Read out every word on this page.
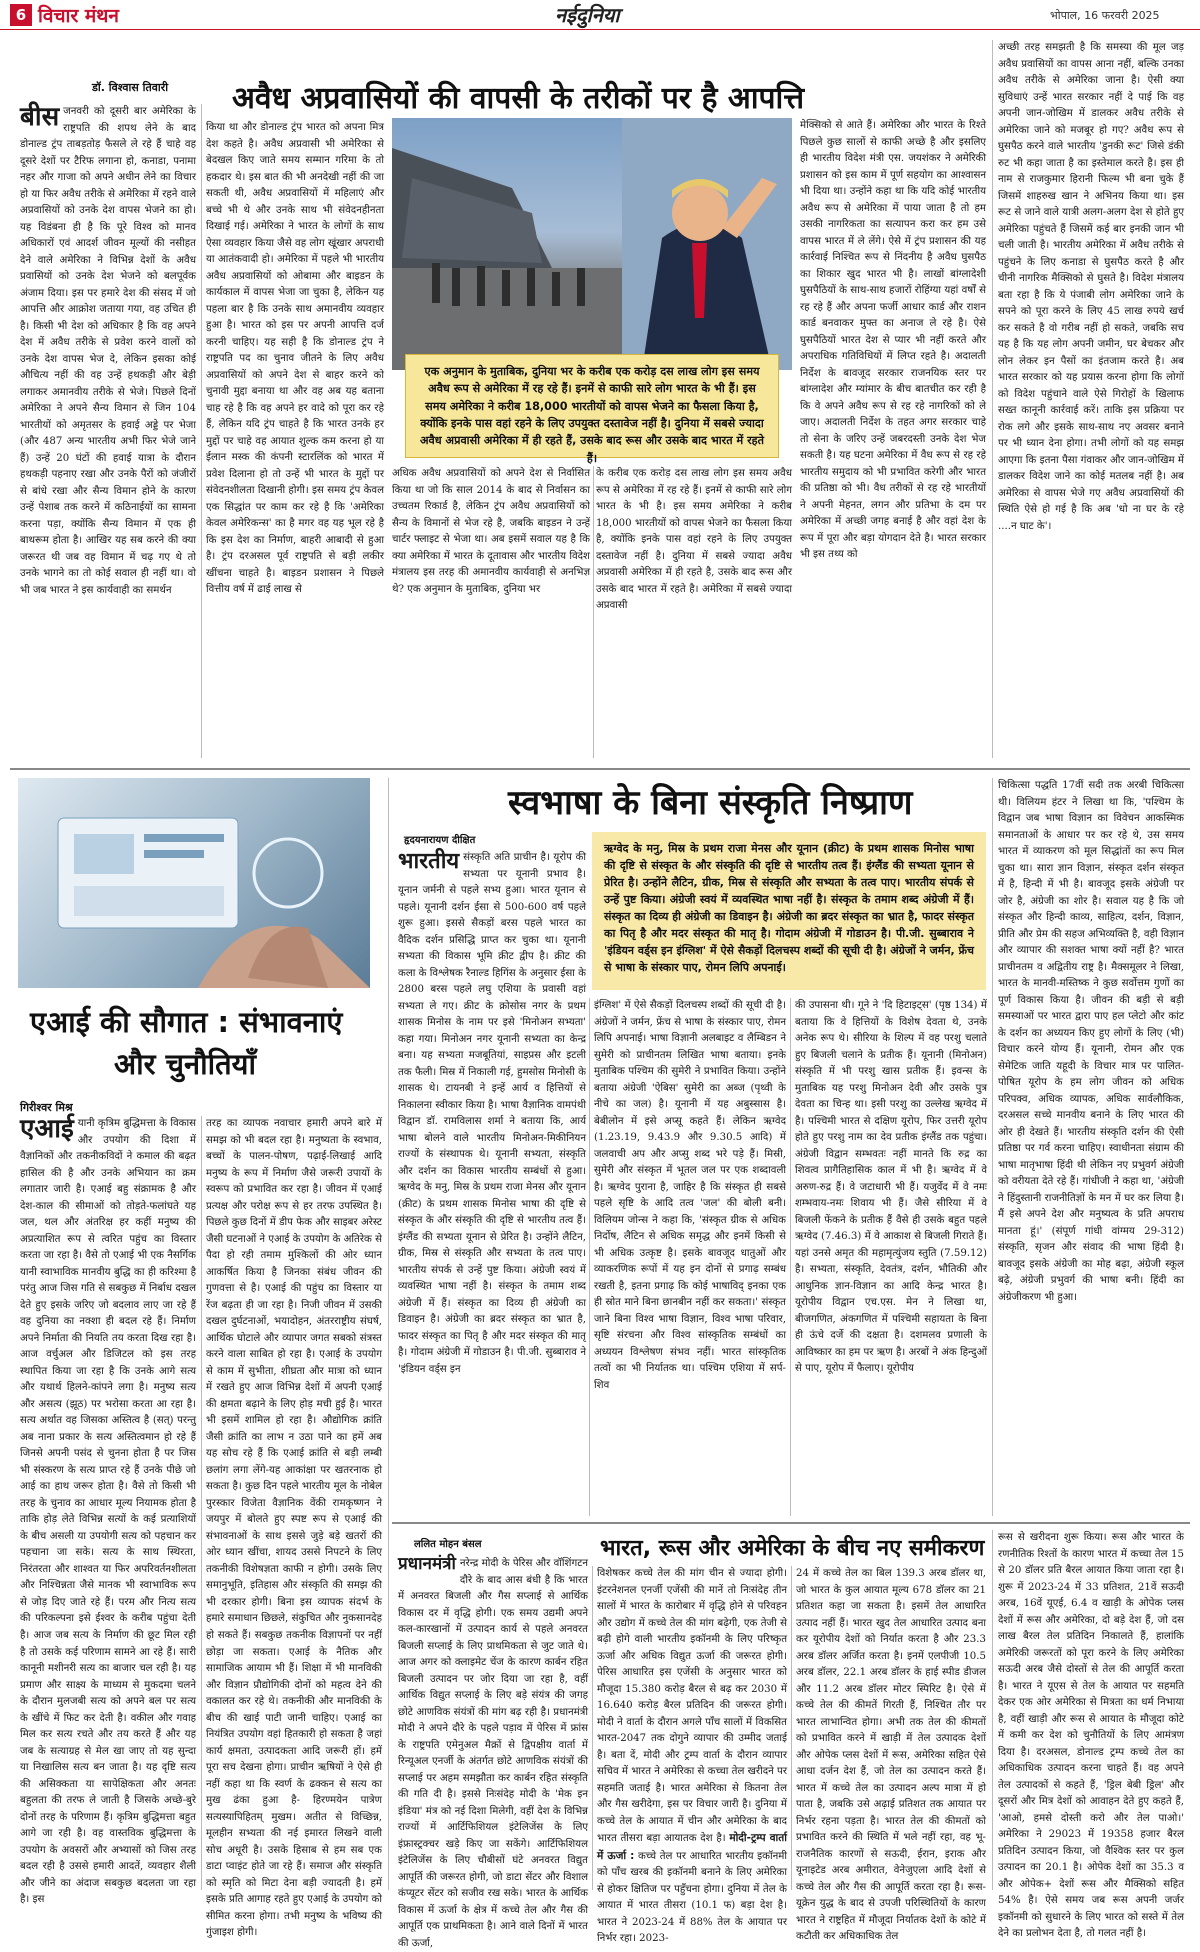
6 विचार मंथन	नईदुनिया	भोपाल, 16 फरवरी 2025
डॉ. विश्वास तिवारी अवैध अप्रवासियों की वापसी के तरीकों पर है आपत्ति
बीस जनवरी को दूसरी बार अमेरिका के राष्ट्रपति की शपथ लेने के बाद डोनाल्ड ट्रंप ताबड़तोड़ फैसले ले रहे हैं चाहे वह दूसरे देशों पर टैरिफ लगाना हो, कनाडा, पनामा नहर और गाजा को अपने अधीन लेने का विचार हो या फिर अवैध तरीके से अमेरिका में रहने वाले अप्रवासियों को उनके देश वापस भेजने का हो। यह विडंबना ही है कि पूरे विश्व को मानव अधिकारों एवं आदर्श जीवन मूल्यों की नसीहत देने वाले अमेरिका ने विभिन्न देशों के अवैध प्रवासियों को उनके देश भेजने को बलपूर्वक अंजाम दिया। इस पर हमारे देश की संसद में जो आपत्ति और आक्रोश जताया गया, वह उचित ही है। किसी भी देश को अधिकार है कि वह अपने देश में अवैध तरीके से प्रवेश करने वालों को उनके देश वापस भेज दे, लेकिन इसका कोई औचित्य नहीं की वह उन्हें हथकड़ी और बेड़ी लगाकर अमानवीय तरीके से भेजे। पिछले दिनों अमेरिका ने अपने सैन्य विमान से जिन 104 भारतीयों को अमृतसर के हवाई अड्डे पर भेजा (और 487 अन्य भारतीय अभी फिर भेजे जाने हैं) उन्हें 20 घंटों की हवाई यात्रा के दौरान हथकड़ी पहनाए रखा और उनके पैरों को जंजीरों से बांधे रखा और सैन्य विमान होने के कारण उन्हें पेशाब तक करने में कठिनाईयों का सामना करना पड़ा, क्योंकि सैन्य विमान में एक ही बाथरूम होता है। आखिर यह सब करने की क्या जरूरत थी जब वह विमान में चढ़ गए थे तो उनके भागने का तो कोई सवाल ही नहीं था। वो भी जब भारत ने इस कार्यवाही का समर्थन
किया था और डोनाल्ड ट्रंप भारत को अपना मित्र देश कहते है। अवैध अप्रवासी भी अमेरिका से बेदखल किए जाते समय सम्मान गरिमा के तो हकदार थे। इस बात की भी अनदेखी नहीं की जा सकती थी, अवैध अप्रवासियों में महिलाएं और बच्चे भी थे और उनके साथ भी संवेदनहीनता दिखाई गई। अमेरिका ने भारत के लोगों के साथ ऐसा व्यवहार किया जैसे वह लोग खूंखार अपराधी या आतंकवादी हो। अमेरिका में पहले भी भारतीय अवैध अप्रवासियों को ओबामा और बाइडन के कार्यकाल में वापस भेजा जा चुका है, लेकिन यह पहला बार है कि उनके साथ अमानवीय व्यवहार हुआ है। भारत को इस पर अपनी आपत्ति दर्ज करनी चाहिए। यह सही है कि डोनाल्ड ट्रंप ने राष्ट्रपति पद का चुनाव जीतने के लिए अवैध अप्रवासियों को अपने देश से बाहर करने को चुनावी मुद्दा बनाया था और वह अब यह बताना चाह रहे है कि वह अपने हर वादे को पूरा कर रहे हैं, लेकिन यदि ट्रंप चाहते है कि भारत उनके हर मुद्दों पर चाहे वह आयात शुल्क कम करना हो या ईलान मस्क की कंपनी स्टारलिंक को भारत में प्रवेश दिलाना हो तो उन्हें भी भारत के मुद्दों पर संवेदनशीलता दिखानी होगी। इस समय ट्रंप केवल एक सिद्धांत पर काम कर रहे है कि 'अमेरिका केवल अमेरिकन्स' का है मगर वह यह भूल रहे है कि इस देश का निर्माण, बाहरी आबादी से हुआ है। ट्रंप दरअसल पूर्व राष्ट्रपति से बड़ी लकीर खींचना चाहते है। बाइडन प्रशासन ने पिछले वित्तीय वर्ष में ढाई लाख से
एक अनुमान के मुताबिक, दुनिया भर के करीब एक करोड़ दस लाख लोग इस समय अवैध रूप से अमेरिका में रह रहे हैं। इनमें से काफी सारे लोग भारत के भी हैं। इस समय अमेरिका ने करीब 18,000 भारतीयों को वापस भेजने का फैसला किया है, क्योंकि इनके पास वहां रहने के लिए उपयुक्त दस्तावेज नहीं है। दुनिया में सबसे ज्यादा अवैध अप्रवासी अमेरिका में ही रहते हैं, उसके बाद रूस और उसके बाद भारत में रहते हैं।
अधिक अवैध अप्रवासियों को अपने देश से निर्वासित किया था जो कि साल 2014 के बाद से निर्वासन का उच्चतम रिकार्ड है, लेकिन ट्रंप अवैध अप्रवासियों को सैन्य के विमानों से भेज रहे है, जबकि बाइडन ने उन्हें चार्टर फ्लाइट से भेजा था। अब इसमें सवाल यह है कि क्या अमेरिका में भारत के दूतावास और भारतीय विदेश मंत्रालय इस तरह की अमानवीय कार्यवाही से अनभिज्ञ थे? एक अनुमान के मुताबिक, दुनिया भर
के करीब एक करोड़ दस लाख लोग इस समय अवैध रूप से अमेरिका में रह रहे हैं। इनमें से काफी सारे लोग भारत के भी है। इस समय अमेरिका ने करीब 18,000 भारतीयों को वापस भेजने का फैसला किया है, क्योंकि इनके पास वहां रहने के लिए उपयुक्त दस्तावेज नहीं है। दुनिया में सबसे ज्यादा अवैध अप्रवासी अमेरिका में ही रहते है, उसके बाद रूस और उसके बाद भारत में रहते है। अमेरिका में सबसे ज्यादा अप्रवासी
मेक्सिको से आते हैं। अमेरिका और भारत के रिश्ते पिछले कुछ सालों से काफी अच्छे है और इसलिए ही भारतीय विदेश मंत्री एस. जयशंकर ने अमेरिकी प्रशासन को इस काम में पूर्ण सहयोग का आश्वासन भी दिया था। उन्होंने कहा था कि यदि कोई भारतीय अवैध रूप से अमेरिका में पाया जाता है तो हम उसकी नागरिकता का सत्यापन करा कर हम उसे वापस भारत में ले लेंगे। ऐसे में ट्रंप प्रशासन की यह कार्रवाई निश्चित रूप से निंदनीय है अवैध घुसपैठ का शिकार खुद भारत भी है। लाखों बांग्लादेशी घुसपैठियों के साथ-साथ हजारों रोहिंग्या यहां वर्षों से रह रहे हैं और अपना फर्जी आधार कार्ड और राशन कार्ड बनवाकर मुफ्त का अनाज ले रहे है। ऐसे घुसपैठियों भारत देश से प्यार भी नहीं करते और अपराधिक गतिविधियों में लिप्त रहते है। अदालती निर्देश के बावजूद सरकार राजनयिक स्तर पर बांग्लादेश और म्यांमार के बीच बातचीत कर रही है कि वे अपने अवैध रूप से रह रहे नागरिकों को ले जाए। अदालती निर्देश के तहत अगर सरकार चाहे तो सेना के जरिए उन्हें जबरदस्ती उनके देश भेज सकती है। यह घटना अमेरिका में वैध रूप से रह रहे भारतीय समुदाय को भी प्रभावित करेगी और भारत की प्रतिष्ठा को भी। वैध तरीकों से रह रहे भारतीयों ने अपनी मेहनत, लगन और प्रतिभा के दम पर अमेरिका में अच्छी जगह बनाई है और वहां देश के रूप में पूरा और बड़ा योगदान देते है। भारत सरकार भी इस तथ्य को
अच्छी तरह समझती है कि समस्या की मूल जड़ अवैध प्रवासियों का वापस आना नहीं, बल्कि उनका अवैध तरीके से अमेरिका जाना है। ऐसी क्या सुविधाएं उन्हें भारत सरकार नहीं दे पाई कि वह अपनी जान-जोखिम में डालकर अवैध तरीके से अमेरिका जाने को मजबूर हो गए? अवैध रूप से घुसपैठ करने वाले भारतीय 'डुनकी रूट' जिसे डंकी रुट भी कहा जाता है का इस्तेमाल करते है। इस ही नाम से राजकुमार हिरानी फिल्म भी बना चुके हैं जिसमें शाहरुख खान ने अभिनय किया था। इस रूट से जाने वाले यात्री अलग-अलग देश से होते हुए अमेरिका पहुंचते हैं जिसमें कई बार इनकी जान भी चली जाती है। भारतीय अमेरिका में अवैध तरीके से पहुंचने के लिए कनाडा से घुसपैठ करते है और चीनी नागरिक मैक्सिको से घुसते है। विदेश मंत्रालय बता रहा है कि ये पंजाबी लोग अमेरिका जाने के सपने को पूरा करने के लिए 45 लाख रुपये खर्च कर सकते है वो गरीब नहीं हो सकते, जबकि सच यह है कि यह लोग अपनी जमीन, घर बेचकर और लोन लेकर इन पैसों का इंतजाम करते है। अब भारत सरकार को यह प्रयास करना होगा कि लोगों को विदेश पहुंचाने वाले ऐसे गिरोहों के खिलाफ सख्त कानूनी कार्रवाई करें। ताकि इस प्रक्रिया पर रोक लगे और इसके साथ-साथ नए अवसर बनाने पर भी ध्यान देना होगा। तभी लोगों को यह समझ आएगा कि इतना पैसा गंवाकर और जान-जोखिम में डालकर विदेश जाने का कोई मतलब नहीं है। अब अमेरिका से वापस भेजे गए अवैध अप्रवासियों की स्थिति ऐसे हो गई है कि अब 'धो ना घर के रहे ....न घाट के'।
एआई की सौगात : संभावनाएं
और चुनौतियाँ
गिरीश्वर मिश्र
एआई यानी कृत्रिम बुद्धिमत्ता के विकास और उपयोग की दिशा में वैज्ञानिकों और तकनीकविदों ने कमाल की बढ़त हासिल की है और उनके अभियान का क्रम लगातार जारी है। एआई बहु संक्रामक है और देश-काल की सीमाओं को तोड़ते-फलांघते यह जल, थल और अंतरिक्ष हर कहीं मनुष्य की अप्रत्याशित रूप से त्वरित पहुंच का विस्तार करता जा रहा है। वैसे तो एआई भी एक नैसर्गिक यानी स्वाभाविक मानवीय बुद्धि का ही करिश्मा है परंतु आज जिस गति से सबकुछ में निर्बाध दखल देते हुए इसके जरिए जो बदलाव लाए जा रहे हैं वह दुनिया का नक्शा ही बदल रहे हैं। निर्माण अपने निर्माता की नियति तय करता दिख रहा है। आज वर्चुअल और डिजिटल को इस तरह स्थापित किया जा रहा है कि उनके आगे सत्य और यथार्थ हिलने-कांपने लगा है। मनुष्य सत्य और असत्य (झूठ) पर भरोसा करता आ रहा है। सत्य अर्थात वह जिसका अस्तित्व है (सत्) परन्तु अब नाना प्रकार के सत्य अस्तित्वमान हो रहे हैं जिनसे अपनी पसंद से चुनना होता है पर जिस भी संस्करण के सत्य प्राप्त रहे हैं उनके पीछे जो आई का हाथ जरूर होता है। वैसे तो किसी भी तरह के चुनाव का आधार मूल्य नियामक होता है ताकि होड़ लेते विभिन्न सत्यों के कई प्रत्याशियों के बीच असली या उपयोगी सत्य को पहचान कर पहचाना जा सके। सत्य के साथ स्थिरता, निरंतरता और शाश्वत या फिर अपरिवर्तनशीलता और निश्चिन्नता जैसे मानक भी स्वाभाविक रूप से जोड़ दिए जाते रहे हैं। परम और नित्य सत्य की परिकल्पना इसे ईश्वर के करीब पहुंचा देती है। आज जब सत्य के निर्माण की छूट मिल रही है तो उसके कई परिणाम सामने आ रहे हैं। सारी कानूनी मशीनरी सत्य का बाजार चल रही है। यह प्रमाण और साक्ष्य के माध्यम से मुकदमा चलने के दौरान मुलजबी सत्य को अपने बल पर सत्य के खींचे में फिट कर देती है। वकील और गवाह मिल कर सत्य रचते और तय करते हैं और यह जब के सत्याग्रह से मेल खा जाए तो यह सुन्दा या निखालिस सत्य बन जाता है। यह दृष्टि सत्य की असिक्कता या सापेक्षिकता और अनतः बहुलता की तरफ ले जाती है जिसके अच्छे-बुरे दोनों तरह के परिणाम हैं। कृत्रिम बुद्धिमत्ता बहुत आगे जा रही है। वह वास्तविक बुद्धिमत्ता के उपयोग के अवसरों और अभ्यासों को जिस तरह बदल रही है उससे हमारी आदतें, व्यवहार शैली और जीने का अंदाज सबकुछ बदलता जा रहा है। इस
तरह का व्यापक नवाचार हमारी अपने बारे में समझ को भी बदल रहा है। मनुष्यता के स्वभाव, बच्चों के पालन-पोषण, पढ़ाई-लिखाई आदि मनुष्य के रूप में निर्माण जैसे जरूरी उपायों के स्वरूप को प्रभावित कर रहा है। जीवन में एआई प्रत्यक्ष और परोक्ष रूप से हर तरफ उपस्थित है। पिछले कुछ दिनों में डीप फेक और साइबर अरेस्ट जैसी घटनाओं ने एआई के उपयोग के अतिरेक से पैदा हो रही तमाम मुश्किलों की ओर ध्यान आकर्षित किया है जिनका संबंध जीवन की गुणवत्ता से है। एआई की पहुंच का विस्तार या रेंज बढ़ता ही जा रहा है। निजी जीवन में उसकी दखल दुर्घटनाओं, भयादोहन, अंतरराष्ट्रीय संघर्ष, आर्थिक घोटाले और व्यापार जगत सबको संत्रस्त करने वाला साबित हो रहा है। एआई के उपयोग से काम में सुभीता, शीघ्रता और मात्रा को ध्यान में रखते हुए आज विभिन्न देशों में अपनी एआई की क्षमता बढ़ाने के लिए होड़ मची हुई है। भारत भी इसमें शामिल हो रहा है। औद्योगिक क्रांति जैसी क्रांति का लाभ न उठा पाने का हमें अब यह सोच रहे हैं कि एआई क्रांति से बड़ी लम्बी छलांग लगा लेंगे-यह आकांक्षा पर खतरनाक हो सकता है। कुछ दिन पहले भारतीय मूल के नोबेल पुरस्कार विजेता वैज्ञानिक वेंकी रामकृष्णन ने जयपुर में बोलते हुए स्पष्ट रूप से एआई की संभावनाओं के साथ इससे जुड़े बड़े खतरों की ओर ध्यान खींचा, शायद उससे निपटने के लिए तकनीकी विशेषज्ञता काफी न होगी। उसके लिए समानुभूति, इतिहास और संस्कृति की समझ की भी दरकार होगी। बिना इस व्यापक संदर्भ के हमारे समाधान छिछले, संकुचित और नुकसानदेह हो सकते हैं। सबकुछ तकनीक विज्ञापनों पर नहीं छोड़ा जा सकता। एआई के नैतिक और सामाजिक आयाम भी हैं। शिक्षा में भी मानविकी और विज्ञान प्रौद्योगिकी दोनों को महत्व देने की वकालत कर रहे थे। तकनीकी और मानविकी के बीच की खाई पाटी जानी चाहिए। एआई का नियंत्रित उपयोग वहां हितकारी हो सकता है जहां कार्य क्षमता, उत्पादकता आदि जरूरी हों। हमें पूरा सच देखना होगा। प्राचीन ऋषियों ने ऐसे ही नहीं कहा था कि स्वर्ण के ढक्कन से सत्य का मुख ढंका हुआ है- हिरण्मयेन पात्रेण सत्यस्यापिहितम् मुखम। अतीत से विच्छिन्न, मूलहीन सभ्यता की नई इमारत लिखने वाली सोच अधूरी है। उसके हिसाब से हम सब एक डाटा प्वाइंट होते जा रहे हैं। समाज और संस्कृति को स्मृति को मिटा देना बड़ी ज्यादती है। हमें इसके प्रति आगाह रहते हुए एआई के उपयोग को सीमित करना होगा। तभी मनुष्य के भविष्य की गुंजाइश होगी।
स्वभाषा के बिना संस्कृति निष्प्राण
हृदयनारायण दीक्षित
ऋग्वेद के मनु, मिस्र के प्रथम राजा मेनस और यूनान (क्रीट) के प्रथम शासक मिनोस भाषा की दृष्टि से संस्कृत के और संस्कृति की दृष्टि से भारतीय तत्व हैं। इंग्लैंड की सभ्यता यूनान से प्रेरित है। उन्होंने लैटिन, ग्रीक, मिस्र से संस्कृति और सभ्यता के तत्व पाए। भारतीय संपर्क से उन्हें पुष्ट किया। अंग्रेजी स्वयं में व्यवस्थित भाषा नहीं है। संस्कृत के तमाम शब्द अंग्रेजी में हैं। संस्कृत का दिव्य ही अंग्रेजी का डिवाइन है। अंग्रेजी का ब्रदर संस्कृत का भ्रात है, फादर संस्कृत का पितृ है और मदर संस्कृत की मातृ है। गोदाम अंग्रेजी में गोडाउन है। पी.जी. सुब्बाराव ने 'इंडियन वर्ड्स इन इंग्लिश' में ऐसे सैकड़ों दिलचस्प शब्दों की सूची दी है। अंग्रेजों ने जर्मन, फ्रेंच से भाषा के संस्कार पाए, रोमन लिपि अपनाई।
भारतीय संस्कृति अति प्राचीन है। यूरोप की सभ्यता पर यूनानी प्रभाव है। यूनान जर्मनी से पहले सभ्य हुआ। भारत यूनान से पहले। यूनानी दर्शन ईसा से 500-600 वर्ष पहले शुरू हुआ। इससे सैकड़ों बरस पहले भारत का वैदिक दर्शन प्रसिद्धि प्राप्त कर चुका था। यूनानी सभ्यता की विकास भूमि क्रीट द्वीप है। क्रीट की कला के विश्लेषक रैनाल्ड हिगिंस के अनुसार ईसा के 2800 बरस पहले लघु एशिया के प्रवासी वहां सभ्यता ले गए। क्रीट के क्रोसोस नगर के प्रथम शासक मिनोस के नाम पर इसे 'मिनोअन सभ्यता' कहा गया। मिनोअन नगर यूनानी सभ्यता का केन्द्र बना। यह सभ्यता मजबूतियां, साइप्रस और इटली तक फैली। मिस्र में निकाली गई, हुमसोस मिनोसी के शासक थे। टायनबी ने इन्हें आर्य व हित्तियों से निकालना स्वीकार किया है। भाषा वैज्ञानिक वामपंथी विद्वान डॉ. रामविलास शर्मा ने बताया कि, आर्य भाषा बोलने वाले भारतीय मिनोअन-मिकीनियन राज्यों के संस्थापक थे। यूनानी सभ्यता, संस्कृति और दर्शन का विकास भारतीय सम्बंधों से हुआ। ऋग्वेद के मनु, मिस्र के प्रथम राजा मेनस और यूनान (क्रीट) के प्रथम शासक मिनोस भाषा की दृष्टि से संस्कृत के और संस्कृति की दृष्टि से भारतीय तत्व हैं। इंग्लैंड की सभ्यता यूनान से प्रेरित है। उन्होंने लैटिन, ग्रीक, मिस्र से संस्कृति और सभ्यता के तत्व पाए। भारतीय संपर्क से उन्हें पुष्ट किया। अंग्रेजी स्वयं में व्यवस्थित भाषा नहीं है। संस्कृत के तमाम शब्द अंग्रेजी में हैं। संस्कृत का दिव्य ही अंग्रेजी का डिवाइन है। अंग्रेजी का ब्रदर संस्कृत का भ्रात है, फादर संस्कृत का पितृ है और मदर संस्कृत की मातृ है। गोदाम अंग्रेजी में गोडाउन है। पी.जी. सुब्बाराव ने 'इंडियन वर्ड्स इन
इंग्लिश' में ऐसे सैकड़ों दिलचस्प शब्दों की सूची दी है। अंग्रेजों ने जर्मन, फ्रेंच से भाषा के संस्कार पाए, रोमन लिपि अपनाई। भाषा विज्ञानी अलबाइट व लैम्बिडन ने सुमेरी को प्राचीनतम लिखित भाषा बताया। इनके मुताबिक पश्चिम की सुमेरी ने प्रभावित किया। उन्होंने बताया अंग्रेजी 'ऐबिस' सुमेरी का अब्ज (पृथ्वी के नीचे का जल) है। यूनानी में यह अबुस्सास है। बेबीलोन में इसे अप्सू कहते हैं। लेकिन ऋग्वेद (1.23.19, 9.43.9 और 9.30.5 आदि) में जलवाची अप और अप्सु शब्द भरे पड़े हैं। मिस्री, सुमेरी और संस्कृत में भूतल जल पर एक शब्दावली है। ऋग्वेद पुराना है, जाहिर है कि संस्कृत ही सबसे पहले सृष्टि के आदि तत्व 'जल' की बोली बनी। विलियम जोन्स ने कहा कि, 'संस्कृत ग्रीक से अधिक निर्दोष, लैटिन से अधिक समृद्ध और इनमें किसी से भी अधिक उत्कृष्ट है। इसके बावजूद धातुओं और व्याकरणिक रूपों में यह इन दोनों से प्रगाढ़ सम्बंध रखती है, इतना प्रगाढ़ कि कोई भाषाविद् इनका एक ही स्रोत माने बिना छानबीन नहीं कर सकता।' संस्कृत जाने बिना विश्व भाषा विज्ञान, विश्व भाषा परिवार, सृष्टि संरचना और विश्व सांस्कृतिक सम्बंधों का अध्ययन विश्लेषण संभव नहीं। भारत सांस्कृतिक तत्वों का भी निर्यातक था। पश्चिम एशिया में सर्प-शिव
की उपासना थी। गूने ने 'दि हिटाइट्स' (पृष्ठ 134) में बताया कि वे हित्तियों के विशेष देवता थे, उनके अनेक रूप थे। सीरिया के शिल्प में वह परशु चलाते हुए बिजली चलाने के प्रतीक हैं। यूनानी (मिनोअन) संस्कृति में भी परशु खास प्रतीक हैं। इवन्स के मुताबिक यह परशु मिनोअन देवी और उसके पुत्र देवता का चिन्ह था। इसी परशु का उल्लेख ऋग्वेद में है। पश्चिमी भारत से दक्षिण यूरोप, फिर उत्तरी यूरोप होते हुए परशु नाम का देव प्रतीक इंग्लैंड तक पहुंचा। अंग्रेजी विद्वान सम्भवतः नहीं मानते कि रुद्र का शिवत्व प्रागैतिहासिक काल में भी है। ऋग्वेद में वे अरुण-रुद्र हैं। वे जटाधारी भी हैं। यजुर्वेद में वे नमः शम्भवाय-नमः शिवाय भी हैं। जैसे सीरिया में वे बिजली फेंकने के प्रतीक हैं वैसे ही उसके बहुत पहले ऋग्वेद (7.46.3) में वे आकाश से बिजली गिराते हैं। यहां उनसे अमृत की महामृत्युंजय स्तुति (7.59.12) है। सभ्यता, संस्कृति, देवतंत्र, दर्शन, भौतिकी और आधुनिक ज्ञान-विज्ञान का आदि केन्द्र भारत है। यूरोपीय विद्वान एच.एस. मेन ने लिखा था, बीजगणित, अंकगणित में पश्चिमी सहायता के बिना ही ऊंचे दर्जे की दक्षता है। दशमलव प्रणाली के आविष्कार का हम पर ऋण है। अरबों ने अंक हिन्दुओं से पाए, यूरोप में फैलाए। यूरोपीय
चिकित्सा पद्धति 17वीं सदी तक अरबी चिकित्सा थी। विलियम हंटर ने लिखा था कि, 'पश्चिम के विद्वान जब भाषा विज्ञान का विवेचन आकस्मिक समानताओं के आधार पर कर रहे थे, उस समय भारत में व्याकरण को मूल सिद्धांतों का रूप मिल चुका था। सारा ज्ञान विज्ञान, संस्कृत दर्शन संस्कृत में है, हिन्दी में भी है। बावजूद इसके अंग्रेजी पर जोर है, अंग्रेजी का शोर है। सवाल यह है कि जो संस्कृत और हिन्दी काव्य, साहित्य, दर्शन, विज्ञान, प्रीति और प्रेम की सहज अभिव्यक्ति है, वही विज्ञान और व्यापार की सशक्त भाषा क्यों नहीं है? भारत प्राचीनतम व अद्वितीय राष्ट्र है। मैक्समूलर ने लिखा, भारत के मानवी-मस्तिष्क ने कुछ सर्वोत्तम गुणों का पूर्ण विकास किया है। जीवन की बड़ी से बड़ी समस्याओं पर भारत द्वारा पाए हल प्लेटो और कांट के दर्शन का अध्ययन किए हुए लोगों के लिए (भी) विचार करने योग्य हैं। यूनानी, रोमन और एक सेमेटिक जाति यहूदी के विचार मात्र पर पालित-पोषित यूरोप के हम लोग जीवन को अधिक परिपक्व, अधिक व्यापक, अधिक सार्वलौकिक, दरअसल सच्चे मानवीय बनाने के लिए भारत की ओर ही देखते हैं। भारतीय संस्कृति दर्शन की ऐसी प्रतिष्ठा पर गर्व करना चाहिए। स्वाधीनता संग्राम की भाषा मातृभाषा हिंदी थी लेकिन नए प्रभुवर्ग अंग्रेजी को वरीयता देते रहे हैं। गांधीजी ने कहा था, 'अंग्रेजी ने हिंदुस्तानी राजनीतिज्ञों के मन में घर कर लिया है। मैं इसे अपने देश और मनुष्यत्व के प्रति अपराध मानता हूं।' (संपूर्ण गांधी वांग्मय 29-312) संस्कृति, सृजन और संवाद की भाषा हिंदी है। बावजूद इसके अंग्रेजी का मोह बढ़ा, अंग्रेजी स्कूल बढ़े, अंग्रेजी प्रभुवर्ग की भाषा बनी। हिंदी का अंग्रेजीकरण भी हुआ।
ललित मोहन बंसल	भारत, रूस और अमेरिका के बीच नए समीकरण
प्रधानमंत्री नरेन्द्र मोदी के पेरिस और वॉशिंगटन दौरे के बाद आस बंधी है कि भारत में अनवरत बिजली और गैस सप्लाई से आर्थिक विकास दर में वृद्धि होगी। एक समय उद्यमी अपने कल-कारखानों में उत्पादन कार्य से पहले अनवरत बिजली सप्लाई के लिए प्राथमिकता से जुट जाते थे। आज अगर को क्लाइमेट चेंज के कारण कार्बन रहित बिजली उत्पादन पर जोर दिया जा रहा है, वहीं आर्थिक विद्युत सप्लाई के लिए बड़े संयंत्र की जगह छोटे आणविक संयंत्रों की मांग बढ़ रही है। प्रधानमंत्री मोदी ने अपने दौरे के पहले पड़ाव में पेरिस में फ्रांस के राष्ट्रपति एमेनुअल मैक्रों से द्विपक्षीय वार्ता में रिन्यूअल एनर्जी के अंतर्गत छोटे आणविक संयंत्रों की सप्लाई पर अहम समझौता कर कार्बन रहित संस्कृति की गति दी है। इससे निःसंदेह मोदी के 'मेक इन इंडिया' मंत्र को नई दिशा मिलेगी, वहीं देश के विभिन्न राज्यों में आर्टिफिशियल इंटेलिजेंस के लिए इंफ्रास्ट्रक्चर खड़े किए जा सकेंगे। आर्टिफिशियल इंटेलिजेंस के लिए चौबीसों घंटे अनवरत विद्युत आपूर्ति की जरूरत होगी, जो डाटा सेंटर और विशाल कंप्यूटर सेंटर को सजीव रख सके। भारत के आर्थिक विकास में ऊर्जा के क्षेत्र में कच्चे तेल और गैस की आपूर्ति एक प्राथमिकता है। आने वाले दिनों में भारत की ऊर्जा,
विशेषकर कच्चे तेल की मांग चीन से ज्यादा होगी। इंटरनेशनल एनर्जी एजेंसी की मानें तो निःसंदेह तीन सालों में भारत के कारोबार में वृद्धि होने से परिवहन और उद्योग में कच्चे तेल की मांग बढ़ेगी, एक तेजी से बढ़ी होगे वाली भारतीय इकॉनमी के लिए परिष्कृत ऊर्जा और अधिक विद्युत ऊर्जा की जरूरत होगी। पेरिस आधारित इस एजेंसी के अनुसार भारत को मौजूदा 15.380 करोड़ बैरल से बढ़ कर 2030 में 16.640 करोड़ बैरल प्रतिदिन की जरूरत होगी। मोदी ने वार्ता के दौरान अगले पाँच सालों में विकसित भारत-2047 तक दोगुने व्यापार की उम्मीद जताई है। बता दें, मोदी और ट्रम्प वार्ता के दौरान व्यापार सचिव में भारत ने अमेरिका से कच्चा तेल खरीदने पर सहमति जताई है। भारत अमेरिका से कितना तेल और गैस खरीदेगा, इस पर विचार जारी है। दुनिया में कच्चे तेल के आयात में चीन और अमेरिका के बाद भारत तीसरा बड़ा आयातक देश है। मोदी-ट्रम्प वार्ता में ऊर्जा : कच्चे तेल पर आधारित भारतीय इकॉनमी को पाँच खरब की इकॉनमी बनाने के लिए अमेरिका से होकर क्षितिज पर पहुँचना होगा। दुनिया में तेल के आयात में भारत तीसरा (10.1 फ) बड़ा देश है। भारत ने 2023-24 में 88% तेल के आयात पर निर्भर रहा। 2023-
24 में कच्चे तेल का बिल 139.3 अरब डॉलर था, जो भारत के कुल आयात मूल्य 678 डॉलर का 21 प्रतिशत कहा जा सकता है। इसमें तेल आधारित उत्पाद नहीं हैं। भारत खुद तेल आधारित उत्पाद बना कर यूरोपीय देशों को निर्यात करता है और 23.3 अरब डॉलर अर्जित करता है। इनमें एलपीजी 10.5 अरब डॉलर, 22.1 अरब डॉलर के हाई स्पीड डीजल और 11.2 अरब डॉलर मोटर स्पिरिट है। ऐसे में कच्चे तेल की कीमतें गिरती हैं, निश्चित तौर पर भारत लाभान्वित होगा। अभी तक तेल की कीमतों को प्रभावित करने में खाड़ी में तेल उत्पादक देशों और ओपेक प्लस देशों में रूस, अमेरिका सहित ऐसे आधा दर्जन देश हैं, जो तेल का उत्पादन करते हैं। भारत में कच्चे तेल का उत्पादन अल्प मात्रा में हो पाता है, जबकि उसे अढ़ाई प्रतिशत तक आयात पर निर्भर रहना पड़ता है। भारत तेल की कीमतों को प्रभावित करने की स्थिति में भले नहीं रहा, वह भू-राजनैतिक कारणों से सऊदी, ईरान, इराक और यूनाइटेड अरब अमीरात, वेनेजुएला आदि देशों से कच्चे तेल और गैस की आपूर्ति करता रहा है। रूस-यूक्रेन युद्ध के बाद से उपजी परिस्थितियों के कारण भारत ने राष्ट्रहित में मौजूदा निर्यातक देशों के कोटे में कटौती कर अधिकाधिक तेल
रूस से खरीदना शुरू किया। रूस और भारत के रणनीतिक रिश्तों के कारण भारत में कच्चा तेल 15 से 20 डॉलर प्रति बैरल आयात किया जाता रहा है। शुरू में 2023-24 में 33 प्रतिशत, 21वें सऊदी अरब, 16वें यूएई, 6.4 व खाड़ी के ओपेक प्लस देशों में रूस और अमेरिका, दो बड़े देश हैं, जो दस लाख बैरल तेल प्रतिदिन निकालते हैं, हालांकि अमेरिकी जरूरतों को पूरा करने के लिए अमेरिका सऊदी अरब जैसे दोस्तों से तेल की आपूर्ति करता है। भारत ने यूएस से तेल के आयात पर सहमति देकर एक ओर अमेरिका से मित्रता का धर्म निभाया है, वहीं खाड़ी और रूस से आयात के मौजूदा कोटे में कमी कर देश को चुनौतियों के लिए आमंत्रण दिया है। दरअसल, डोनाल्ड ट्रम्प कच्चे तेल का अधिकाधिक उत्पादन करना चाहते हैं। वह अपने तेल उत्पादकों से कहते हैं, 'ड्रिल बेबी ड्रिल' और दूसरों और मित्र देशों को आवाहन देते हुए कहते हैं, 'आओ, हमसे दोस्ती करो और तेल पाओ।' अमेरिका ने 29023 में 19358 हजार बैरल प्रतिदिन उत्पादन किया, जो वैश्विक स्तर पर कुल उत्पादन का 20.1 है। ओपेक देशों का 35.3 व और ओपेक+ देशों रूस और मैक्सिको सहित 54% है। ऐसे समय जब रूस अपनी जर्जर इकॉनमी को सुधारने के लिए भारत को सस्ते में तेल देने का प्रलोभन देता है, तो गलत नहीं है।
